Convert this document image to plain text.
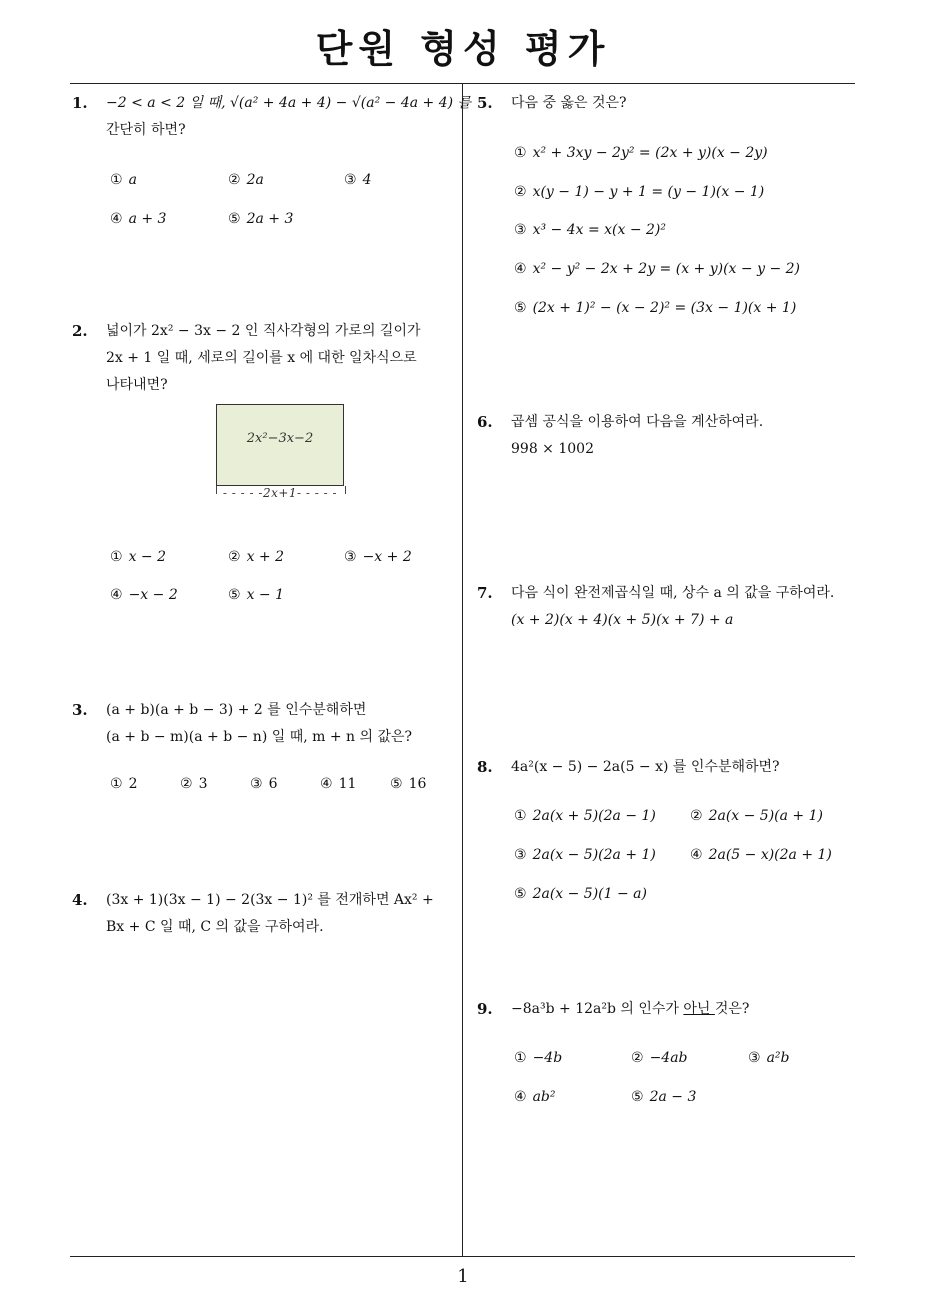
단원 형성 평가
1
1. −2 < a < 2 일 때, √(a² + 4a + 4) − √(a² − 4a + 4) 를
간단히 하면?
① a	② 2a	③ 4
④ a + 3	⑤ 2a + 3
2. 넓이가 2x² − 3x − 2 인 직사각형의 가로의 길이가
2x + 1 일 때, 세로의 길이를 x 에 대한 일차식으로
나타내면?
2x²−3x−2
- - - - -2x+1- - - - -
① x − 2	② x + 2	③ −x + 2
④ −x − 2	⑤ x − 1
3. (a + b)(a + b − 3) + 2 를 인수분해하면
(a + b − m)(a + b − n) 일 때, m + n 의 값은?
① 2	② 3	③ 6	④ 11 ⑤ 16
4. (3x + 1)(3x − 1) − 2(3x − 1)² 를 전개하면 Ax² +
Bx + C 일 때, C 의 값을 구하여라.
5. 다음 중 옳은 것은?
① x² + 3xy − 2y² = (2x + y)(x − 2y)
② x(y − 1) − y + 1 = (y − 1)(x − 1)
③ x³ − 4x = x(x − 2)²
④ x² − y² − 2x + 2y = (x + y)(x − y − 2)
⑤ (2x + 1)² − (x − 2)² = (3x − 1)(x + 1)
6. 곱셈 공식을 이용하여 다음을 계산하여라.
998 × 1002
7. 다음 식이 완전제곱식일 때, 상수 a 의 값을 구하여라.
(x + 2)(x + 4)(x + 5)(x + 7) + a
8. 4a²(x − 5) − 2a(5 − x) 를 인수분해하면?
① 2a(x + 5)(2a − 1) ② 2a(x − 5)(a + 1)
③ 2a(x − 5)(2a + 1) ④ 2a(5 − x)(2a + 1)
⑤ 2a(x − 5)(1 − a)
9. −8a³b + 12a²b 의 인수가 아닌 것은?
① −4b	② −4ab	③ a²b
④ ab²	⑤ 2a − 3
